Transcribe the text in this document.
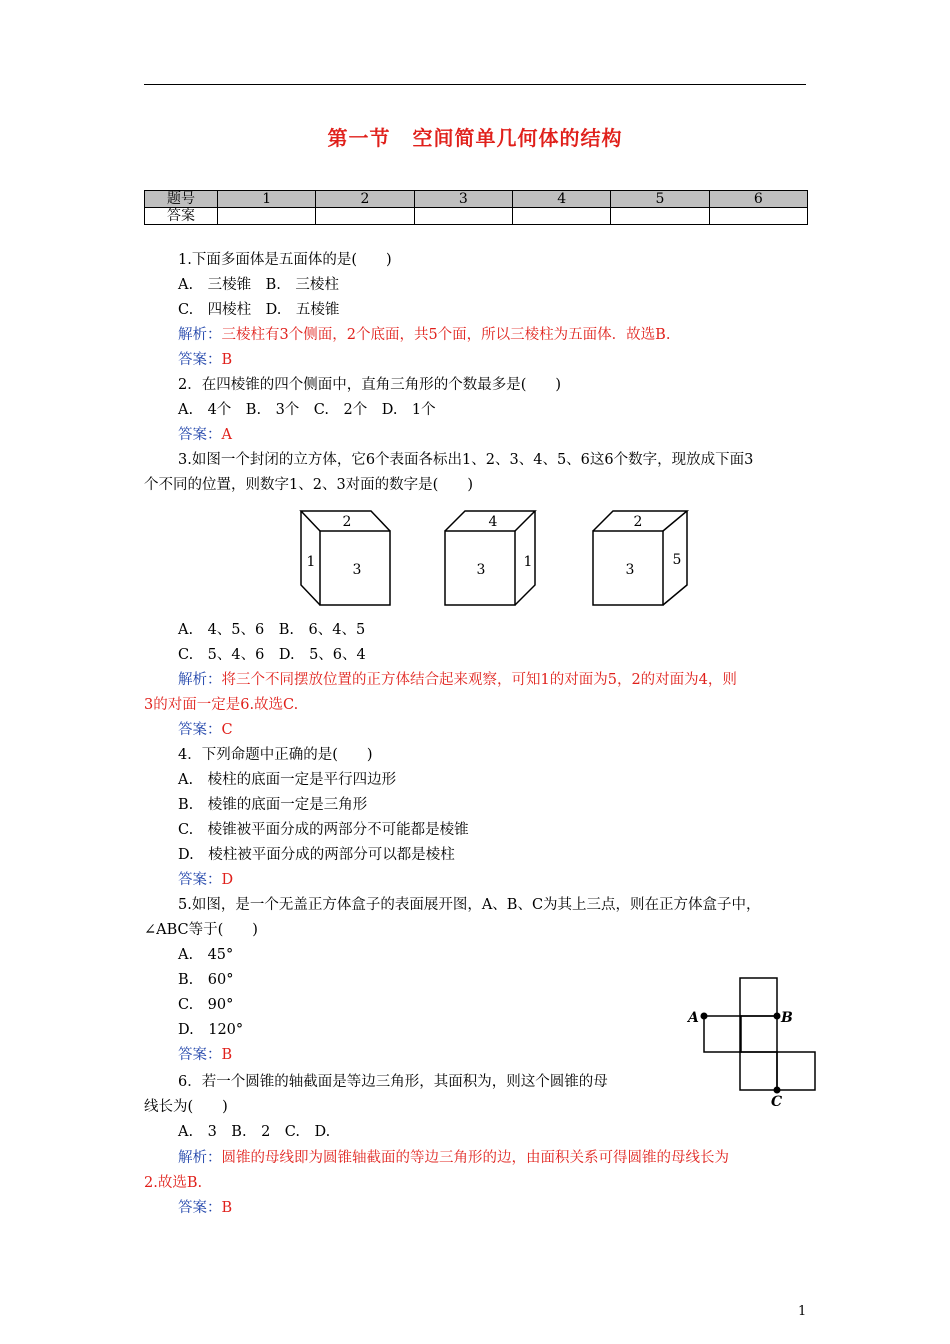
第一节 空间简单几何体的结构
题号	1	2	3	4	5	6
答案						
1.下面多面体是五面体的是(　　)
A.　三棱锥　B.　三棱柱
C.　四棱柱　D.　五棱锥
解析：三棱柱有3个侧面，2个底面，共5个面，所以三棱柱为五面体．故选B.
答案：B
2．在四棱锥的四个侧面中，直角三角形的个数最多是(　　)
A.　4个　B.　3个　C.　2个　D.　1个
答案：A
3.如图一个封闭的立方体，它6个表面各标出1、2、3、4、5、6这6个数字，现放成下面3
个不同的位置，则数字1、2、3对面的数字是(　　)
2
1	3
4
3	1
2
3
5
A.　4、5、6　B.　6、4、5
C.　5、4、6　D.　5、6、4
解析：将三个不同摆放位置的正方体结合起来观察，可知1的对面为5，2的对面为4，则
3的对面一定是6.故选C.
答案：C
4．下列命题中正确的是(　　)
A.　棱柱的底面一定是平行四边形
B.　棱锥的底面一定是三角形
C.　棱锥被平面分成的两部分不可能都是棱锥
D.　棱柱被平面分成的两部分可以都是棱柱
答案：D
5.如图，是一个无盖正方体盒子的表面展开图，A、B、C为其上三点，则在正方体盒子中，
∠ABC等于(　　)
A.　45°
B.　60°
C.　90°
D.　120°
答案：B
A	B
C
6．若一个圆锥的轴截面是等边三角形，其面积为，则这个圆锥的母
线长为(　　)
A.　3　B.　2　C.　D.
解析：圆锥的母线即为圆锥轴截面的等边三角形的边，由面积关系可得圆锥的母线长为
2.故选B.
答案：B
1
